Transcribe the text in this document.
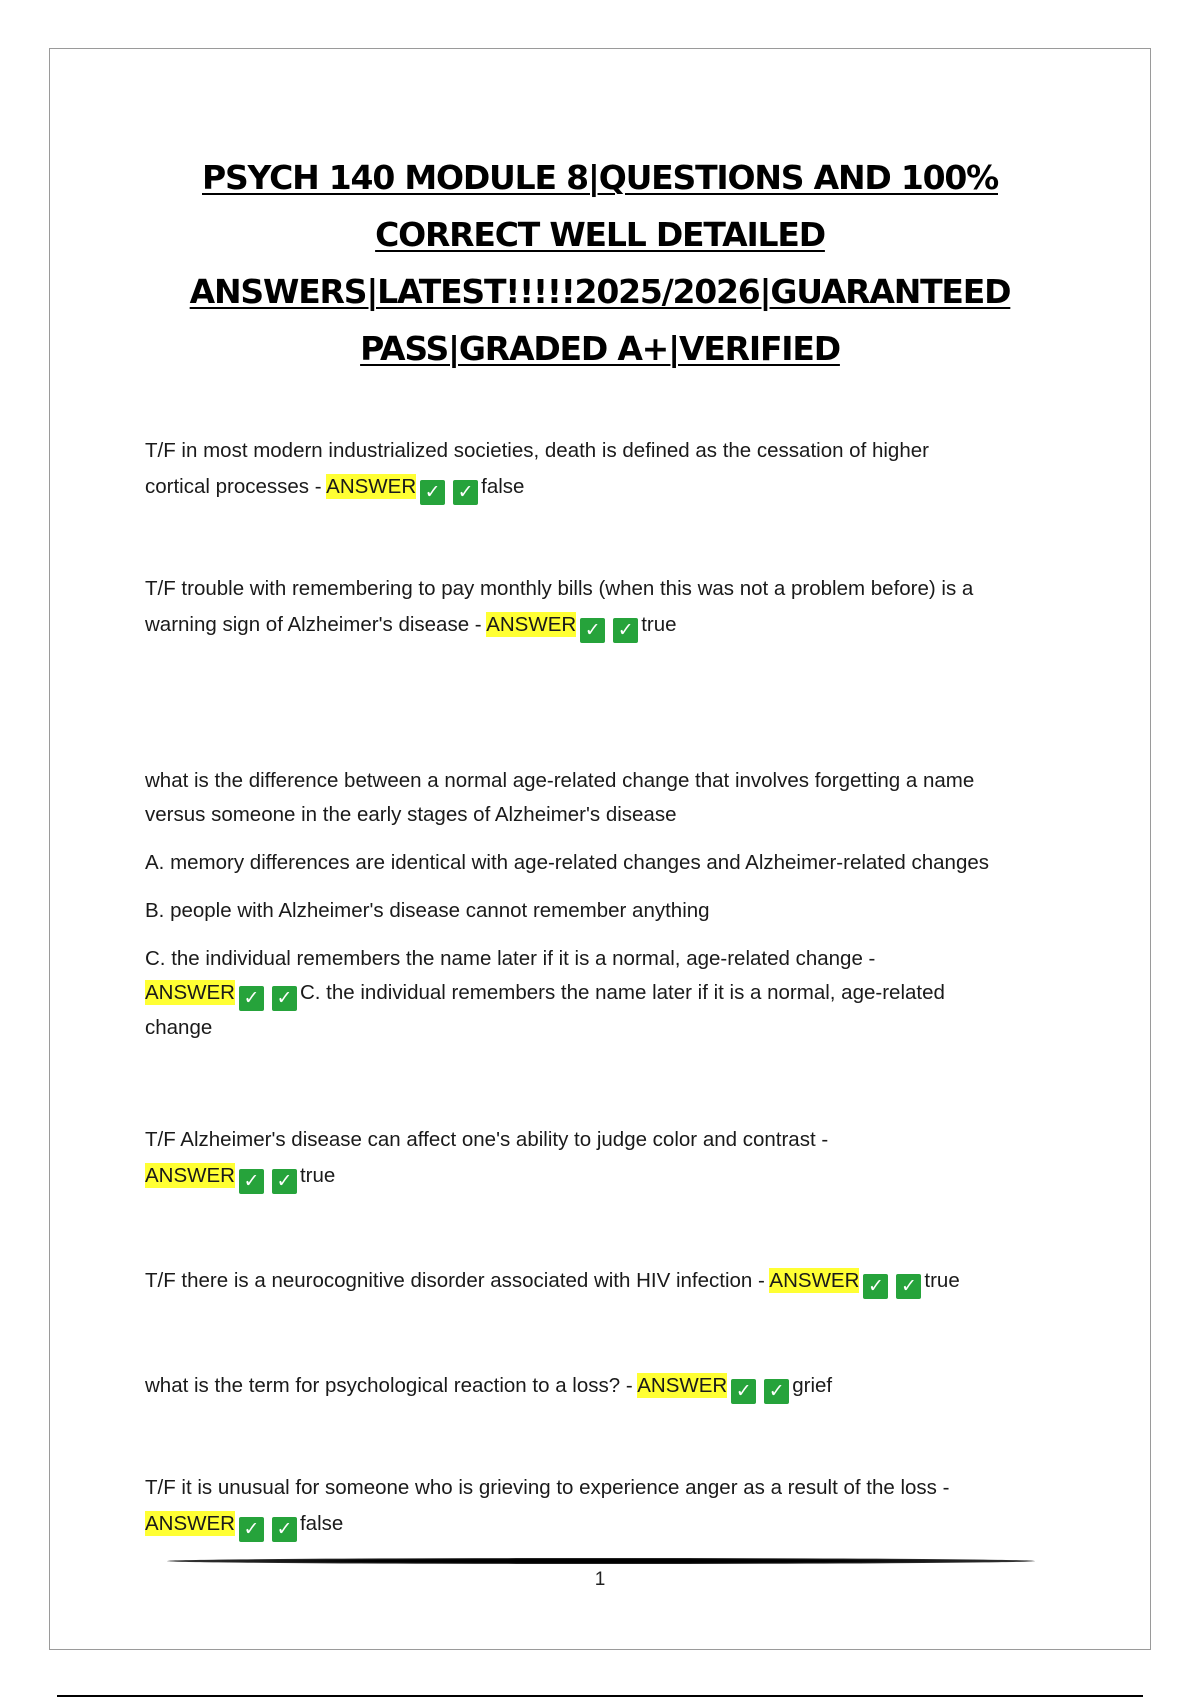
PSYCH 140 MODULE 8|QUESTIONS AND 100%
CORRECT WELL DETAILED
ANSWERS|LATEST!!!!!2025/2026|GUARANTEED
PASS|GRADED A+|VERIFIED

T/F in most modern industrialized societies, death is defined as the cessation of higher

cortical processes - ANSWER ✓ ✓ false

T/F trouble with remembering to pay monthly bills (when this was not a problem before) is a

warning sign of Alzheimer's disease - ANSWER ✓ ✓ true

what is the difference between a normal age-related change that involves forgetting a name

versus someone in the early stages of Alzheimer's disease

A. memory differences are identical with age-related changes and Alzheimer-related changes

B. people with Alzheimer's disease cannot remember anything

C. the individual remembers the name later if it is a normal, age-related change -

ANSWER ✓ ✓ C. the individual remembers the name later if it is a normal, age-related

change

T/F Alzheimer's disease can affect one's ability to judge color and contrast -

ANSWER ✓ ✓ true

T/F there is a neurocognitive disorder associated with HIV infection - ANSWER ✓ ✓ true

what is the term for psychological reaction to a loss? - ANSWER ✓ ✓ grief

T/F it is unusual for someone who is grieving to experience anger as a result of the loss -

ANSWER ✓ ✓ false

1
